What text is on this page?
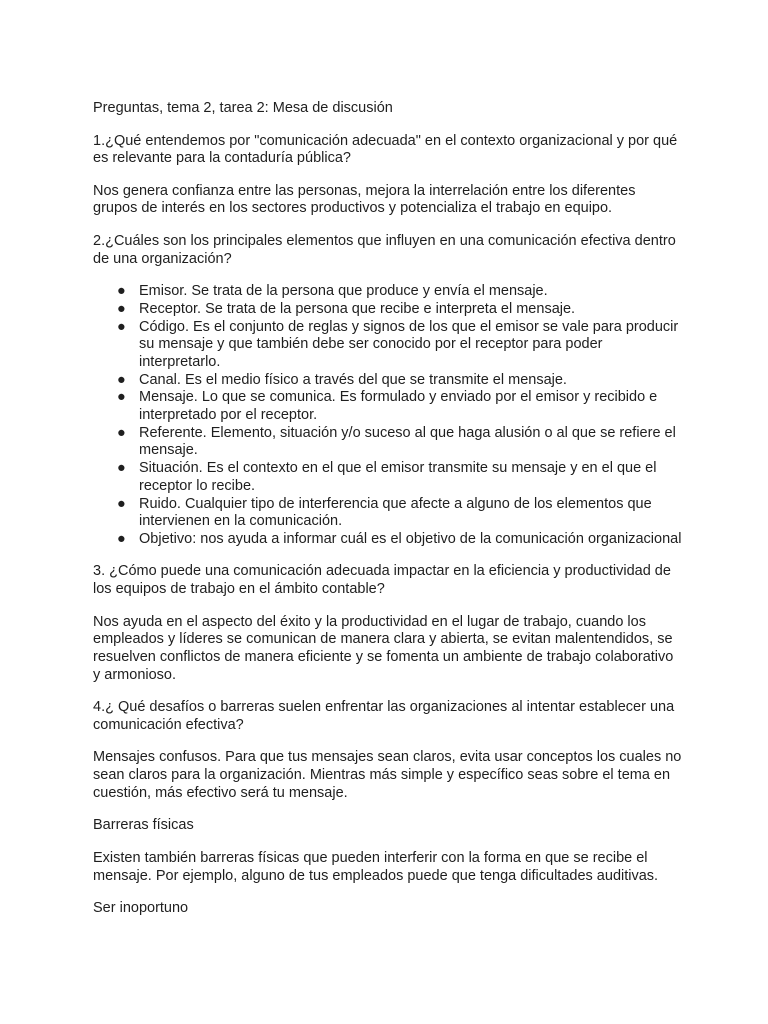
Preguntas, tema 2, tarea 2: Mesa de discusión

1.¿Qué entendemos por "comunicación adecuada" en el contexto organizacional y por qué es relevante para la contaduría pública?

Nos genera confianza entre las personas, mejora la interrelación entre los diferentes grupos de interés en los sectores productivos y potencializa el trabajo en equipo.

2.¿Cuáles son los principales elementos que influyen en una comunicación efectiva dentro de una organización?

● Emisor. Se trata de la persona que produce y envía el mensaje.
● Receptor. Se trata de la persona que recibe e interpreta el mensaje.
● Código. Es el conjunto de reglas y signos de los que el emisor se vale para producir su mensaje y que también debe ser conocido por el receptor para poder interpretarlo.
● Canal. Es el medio físico a través del que se transmite el mensaje.
● Mensaje. Lo que se comunica. Es formulado y enviado por el emisor y recibido e interpretado por el receptor.
● Referente. Elemento, situación y/o suceso al que haga alusión o al que se refiere el mensaje.
● Situación. Es el contexto en el que el emisor transmite su mensaje y en el que el receptor lo recibe.
● Ruido. Cualquier tipo de interferencia que afecte a alguno de los elementos que intervienen en la comunicación.
● Objetivo: nos ayuda a informar cuál es el objetivo de la comunicación organizacional

3. ¿Cómo puede una comunicación adecuada impactar en la eficiencia y productividad de los equipos de trabajo en el ámbito contable?

Nos ayuda en el aspecto del éxito y la productividad en el lugar de trabajo, cuando los empleados y líderes se comunican de manera clara y abierta, se evitan malentendidos, se resuelven conflictos de manera eficiente y se fomenta un ambiente de trabajo colaborativo y armonioso.

4.¿ Qué desafíos o barreras suelen enfrentar las organizaciones al intentar establecer una comunicación efectiva?

Mensajes confusos. Para que tus mensajes sean claros, evita usar conceptos los cuales no sean claros para la organización. Mientras más simple y específico seas sobre el tema en cuestión, más efectivo será tu mensaje.

Barreras físicas

Existen también barreras físicas que pueden interferir con la forma en que se recibe el mensaje. Por ejemplo, alguno de tus empleados puede que tenga dificultades auditivas.

Ser inoportuno
